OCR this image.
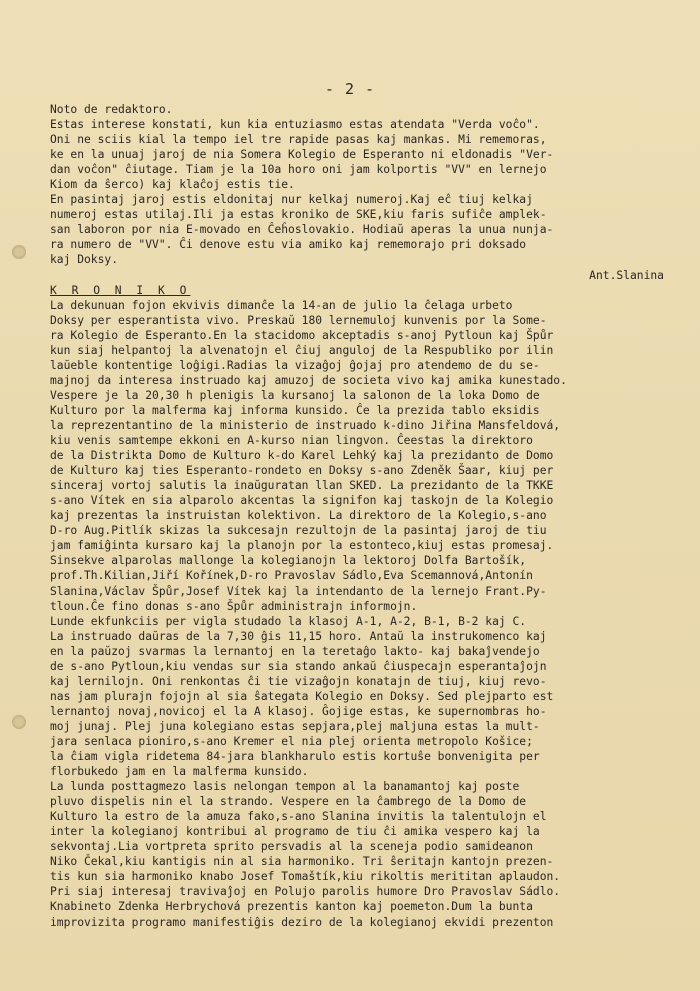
- 2 -

Noto de redaktoro.

Estas interese konstati, kun kia entuziasmo estas atendata "Verda voĉo".

Oni ne sciis kial la tempo iel tre rapide pasas kaj mankas. Mi rememoras,

ke en la unuaj jaroj de nia Somera Kolegio de Esperanto ni eldonadis "Ver-

dan voĉon" ĉiutage. Tiam je la 10a horo oni jam kolportis "VV" en lernejo

Kiom da ŝerco) kaj klaĉoj estis tie.

En pasintaj jaroj estis eldonitaj nur kelkaj numeroj.Kaj eĉ tiuj kelkaj

numeroj estas utilaj.Ili ja estas kroniko de SKE,kiu faris sufiĉe amplek-

san laboron por nia E-movado en Ĉeĥoslovakio. Hodiaŭ aperas la unua nunja-

ra numero de "VV". Ĉi denove estu via amiko kaj rememorajo pri doksado

kaj Doksy.

Ant.Slanina

K R O N I K O

La dekunuan fojon ekvivis dimanĉe la 14-an de julio la ĉelaga urbeto

Doksy per esperantista vivo. Preskaŭ 180 lernemuloj kunvenis por la Some-

ra Kolegio de Esperanto.En la stacidomo akceptadis s-anoj Pytloun kaj Špůr

kun siaj helpantoj la alvenatojn el ĉiuj anguloj de la Respubliko por ilin

laŭeble kontentige loĝigi.Radias la vizaĝoj ĝojaj pro atendemo de du se-

majnoj da interesa instruado kaj amuzoj de societa vivo kaj amika kunestado.

Vespere je la 20,30 h plenigis la kursanoj la salonon de la loka Domo de

Kulturo por la malferma kaj informa kunsido. Ĉe la prezida tablo eksidis

la reprezentantino de la ministerio de instruado k-dino Jiřina Mansfeldová,

kiu venis samtempe ekkoni en A-kurso nian lingvon. Ĉeestas la direktoro

de la Distrikta Domo de Kulturo k-do Karel Lehký kaj la prezidanto de Domo

de Kulturo kaj ties Esperanto-rondeto en Doksy s-ano Zdeněk Šaar, kiuj per

sinceraj vortoj salutis la inaŭguratan llan SKED. La prezidanto de la TKKE

s-ano Vítek en sia alparolo akcentas la signifon kaj taskojn de la Kolegio

kaj prezentas la instruistan kolektivon. La direktoro de la Kolegio,s-ano

D-ro Aug.Pitlík skizas la sukcesajn rezultojn de la pasintaj jaroj de tiu

jam famiĝinta kursaro kaj la planojn por la estonteco,kiuj estas promesaj.

Sinsekve alparolas mallonge la kolegianojn la lektoroj Dolfa Bartošík,

prof.Th.Kilian,Jiří Kořínek,D-ro Pravoslav Sádlo,Eva Scemannová,Antonín

Slanina,Václav Špůr,Josef Vítek kaj la intendanto de la lernejo Frant.Py-

tloun.Ĉe fino donas s-ano Špůr administrajn informojn.

Lunde ekfunkciis per vigla studado la klasoj A-1, A-2, B-1, B-2 kaj C.

La instruado daŭras de la 7,30 ĝis 11,15 horo. Antaŭ la instrukomenco kaj

en la paŭzoj svarmas la lernantoj en la teretaĝo lakto- kaj bakaĵvendejo

de s-ano Pytloun,kiu vendas sur sia stando ankaŭ ĉiuspecajn esperantaĵojn

kaj lernilojn. Oni renkontas ĉi tie vizaĝojn konatajn de tiuj, kiuj revo-

nas jam plurajn fojojn al sia ŝategata Kolegio en Doksy. Sed plejparto est

lernantoj novaj,novicoj el la A klasoj. Ĝojige estas, ke supernombras ho-

moj junaj. Plej juna kolegiano estas sepjara,plej maljuna estas la mult-

jara senlaca pioniro,s-ano Kremer el nia plej orienta metropolo Košice;

la ĉiam vigla ridetema 84-jara blankharulo estis kortuŝe bonvenigita per

florbukedo jam en la malferma kunsido.

La lunda posttagmezo lasis nelongan tempon al la banamantoj kaj poste

pluvo dispelis nin el la strando. Vespere en la ĉambrego de la Domo de

Kulturo la estro de la amuza fako,s-ano Slanina invitis la talentulojn el

inter la kolegianoj kontribui al programo de tiu ĉi amika vespero kaj la

sekvontaj.Lia vortpreta sprito persvadis al la sceneja podio samideanon

Niko Čekal,kiu kantigis nin al sia harmoniko. Tri ŝeritajn kantojn prezen-

tis kun sia harmoniko knabo Josef Tomaštík,kiu rikoltis merititan aplaudon.

Pri siaj interesaj travivaĵoj en Polujo parolis humore Dro Pravoslav Sádlo.

Knabineto Zdenka Herbrychová prezentis kanton kaj poemeton.Dum la bunta

improvizita programo manifestiĝis deziro de la kolegianoj ekvidi prezenton
